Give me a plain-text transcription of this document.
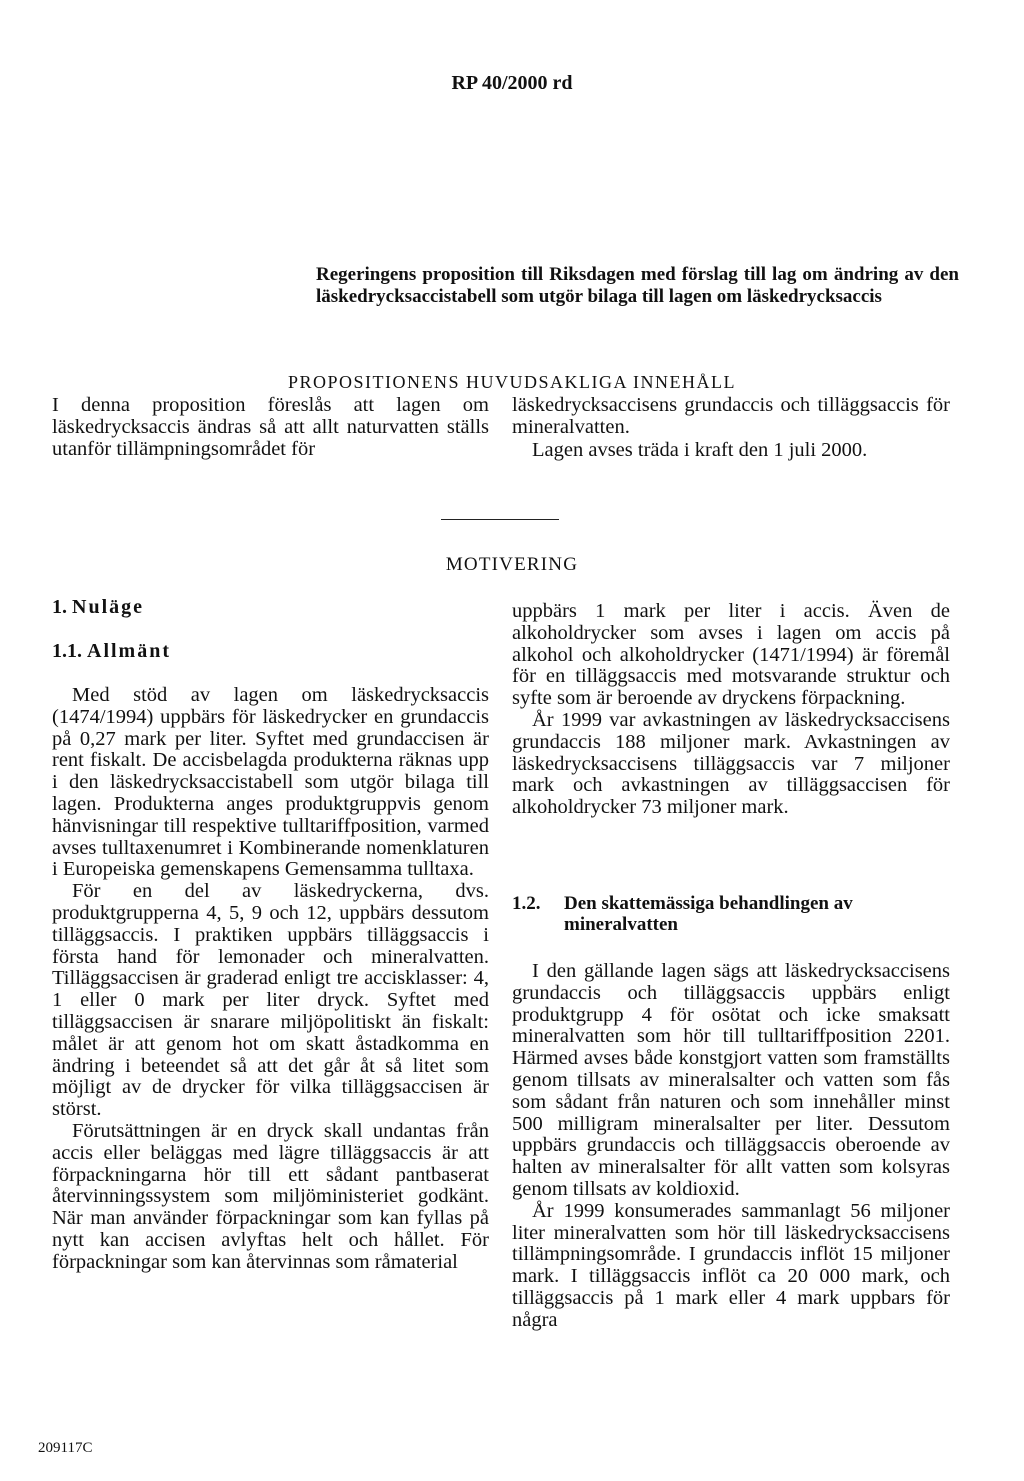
RP 40/2000 rd
Regeringens proposition till Riksdagen med förslag till lag om ändring av den läskedrycksaccistabell som utgör bilaga till lagen om läskedrycksaccis
PROPOSITIONENS HUVUDSAKLIGA INNEHÅLL

I denna proposition föreslås att lagen om läskedrycksaccis ändras så att allt naturvatten ställs utanför tillämpningsområdet för

läskedrycksaccisens grundaccis och tilläggsaccis för mineralvatten.

Lagen avses träda i kraft den 1 juli 2000.

MOTIVERING
1. Nuläge
1.1. Allmänt

Med stöd av lagen om läskedrycksaccis (1474/1994) uppbärs för läskedrycker en grundaccis på 0,27 mark per liter. Syftet med grundaccisen är rent fiskalt. De accisbelagda produkterna räknas upp i den läskedrycksaccistabell som utgör bilaga till lagen. Produkterna anges produktgruppvis genom hänvisningar till respektive tulltariffposition, varmed avses tulltaxenumret i Kombinerande nomenklaturen i Europeiska gemenskapens Gemensamma tulltaxa.

För en del av läskedryckerna, dvs. produktgrupperna 4, 5, 9 och 12, uppbärs dessutom tilläggsaccis. I praktiken uppbärs tilläggsaccis i första hand för lemonader och mineralvatten. Tilläggsaccisen är graderad enligt tre accisklasser: 4, 1 eller 0 mark per liter dryck. Syftet med tilläggsaccisen är snarare miljöpolitiskt än fiskalt: målet är att genom hot om skatt åstadkomma en ändring i beteendet så att det går åt så litet som möjligt av de drycker för vilka tilläggsaccisen är störst.

Förutsättningen är en dryck skall undantas från accis eller beläggas med lägre tilläggsaccis är att förpackningarna hör till ett sådant pantbaserat återvinningssystem som miljöministeriet godkänt. När man använder förpackningar som kan fyllas på nytt kan accisen avlyftas helt och hållet. För förpackningar som kan återvinnas som råmaterial

uppbärs 1 mark per liter i accis. Även de alkoholdrycker som avses i lagen om accis på alkohol och alkoholdrycker (1471/1994) är föremål för en tilläggsaccis med motsvarande struktur och syfte som är beroende av dryckens förpackning.

År 1999 var avkastningen av läskedrycksaccisens grundaccis 188 miljoner mark. Avkastningen av läskedrycksaccisens tilläggsaccis var 7 miljoner mark och avkastningen av tilläggsaccisen för alkoholdrycker 73 miljoner mark.

1.2. Den skattemässiga behandlingen av mineralvatten

I den gällande lagen sägs att läskedrycksaccisens grundaccis och tilläggsaccis uppbärs enligt produktgrupp 4 för osötat och icke smaksatt mineralvatten som hör till tulltariffposition 2201. Härmed avses både konstgjort vatten som framställts genom tillsats av mineralsalter och vatten som fås som sådant från naturen och som innehåller minst 500 milligram mineralsalter per liter. Dessutom uppbärs grundaccis och tilläggsaccis oberoende av halten av mineralsalter för allt vatten som kolsyras genom tillsats av koldioxid.

År 1999 konsumerades sammanlagt 56 miljoner liter mineralvatten som hör till läskedrycksaccisens tillämpningsområde. I grundaccis inflöt 15 miljoner mark. I tilläggsaccis inflöt ca 20 000 mark, och tilläggsaccis på 1 mark eller 4 mark uppbars för några

209117C
